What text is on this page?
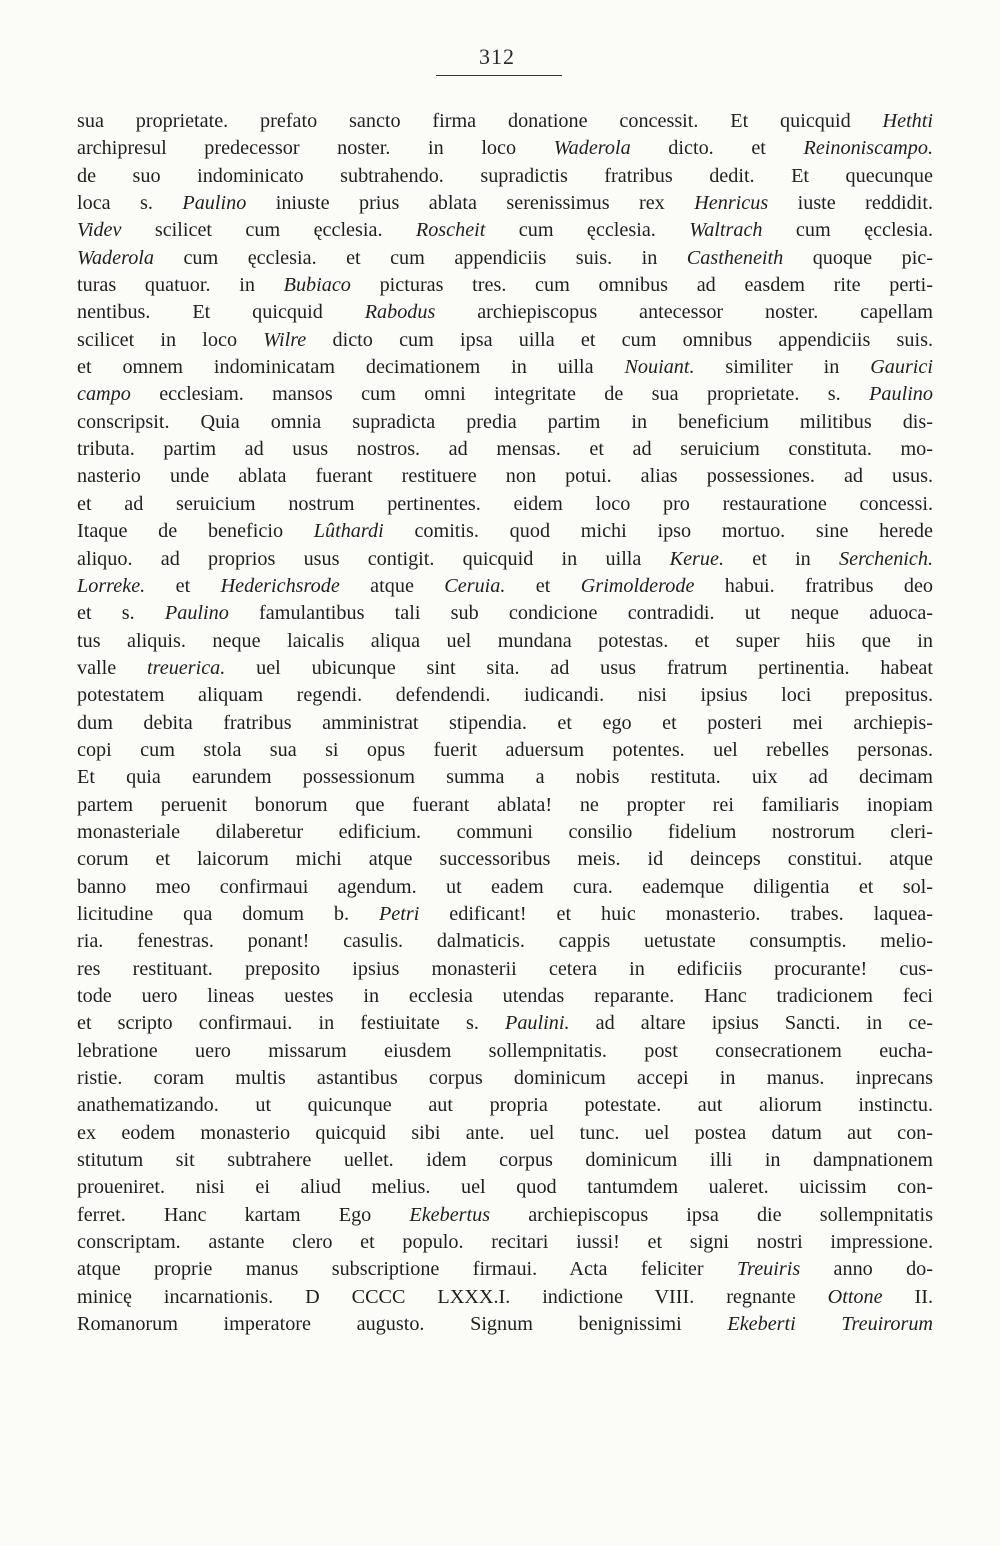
312
sua proprietate. prefato sancto firma donatione concessit. Et quicquid Hethti
archipresul predecessor noster. in loco Waderola dicto. et Reinoniscampo.
de suo indominicato subtrahendo. supradictis fratribus dedit. Et quecunque
loca s. Paulino iniuste prius ablata serenissimus rex Henricus iuste reddidit.
Videv scilicet cum ęcclesia. Roscheit cum ęcclesia. Waltrach cum ęcclesia.
Waderola cum ęcclesia. et cum appendiciis suis. in Castheneith quoque pic-
turas quatuor. in Bubiaco picturas tres. cum omnibus ad easdem rite perti-
nentibus. Et quicquid Rabodus archiepiscopus antecessor noster. capellam
scilicet in loco Wilre dicto cum ipsa uilla et cum omnibus appendiciis suis.
et omnem indominicatam decimationem in uilla Nouiant. similiter in Gaurici
campo ecclesiam. mansos cum omni integritate de sua proprietate. s. Paulino
conscripsit. Quia omnia supradicta predia partim in beneficium militibus dis-
tributa. partim ad usus nostros. ad mensas. et ad seruicium constituta. mo-
nasterio unde ablata fuerant restituere non potui. alias possessiones. ad usus.
et ad seruicium nostrum pertinentes. eidem loco pro restauratione concessi.
Itaque de beneficio Lûthardi comitis. quod michi ipso mortuo. sine herede
aliquo. ad proprios usus contigit. quicquid in uilla Kerue. et in Serchenich.
Lorreke. et Hederichsrode atque Ceruia. et Grimolderode habui. fratribus deo
et s. Paulino famulantibus tali sub condicione contradidi. ut neque aduoca-
tus aliquis. neque laicalis aliqua uel mundana potestas. et super hiis que in
valle treuerica. uel ubicunque sint sita. ad usus fratrum pertinentia. habeat
potestatem aliquam regendi. defendendi. iudicandi. nisi ipsius loci prepositus.
dum debita fratribus amministrat stipendia. et ego et posteri mei archiepis-
copi cum stola sua si opus fuerit aduersum potentes. uel rebelles personas.
Et quia earundem possessionum summa a nobis restituta. uix ad decimam
partem peruenit bonorum que fuerant ablata! ne propter rei familiaris inopiam
monasteriale dilaberetur edificium. communi consilio fidelium nostrorum cleri-
corum et laicorum michi atque successoribus meis. id deinceps constitui. atque
banno meo confirmaui agendum. ut eadem cura. eademque diligentia et sol-
licitudine qua domum b. Petri edificant! et huic monasterio. trabes. laquea-
ria. fenestras. ponant! casulis. dalmaticis. cappis uetustate consumptis. melio-
res restituant. preposito ipsius monasterii cetera in edificiis procurante! cus-
tode uero lineas uestes in ecclesia utendas reparante. Hanc tradicionem feci
et scripto confirmaui. in festiuitate s. Paulini. ad altare ipsius Sancti. in ce-
lebratione uero missarum eiusdem sollempnitatis. post consecrationem eucha-
ristie. coram multis astantibus corpus dominicum accepi in manus. inprecans
anathematizando. ut quicunque aut propria potestate. aut aliorum instinctu.
ex eodem monasterio quicquid sibi ante. uel tunc. uel postea datum aut con-
stitutum sit subtrahere uellet. idem corpus dominicum illi in dampnationem
proueniret. nisi ei aliud melius. uel quod tantumdem ualeret. uicissim con-
ferret. Hanc kartam Ego Ekebertus archiepiscopus ipsa die sollempnitatis
conscriptam. astante clero et populo. recitari iussi! et signi nostri impressione.
atque proprie manus subscriptione firmaui. Acta feliciter Treuiris anno do-
minicę incarnationis. D CCCC LXXX.I. indictione VIII. regnante Ottone II.
Romanorum imperatore augusto. Signum benignissimi Ekeberti Treuirorum
